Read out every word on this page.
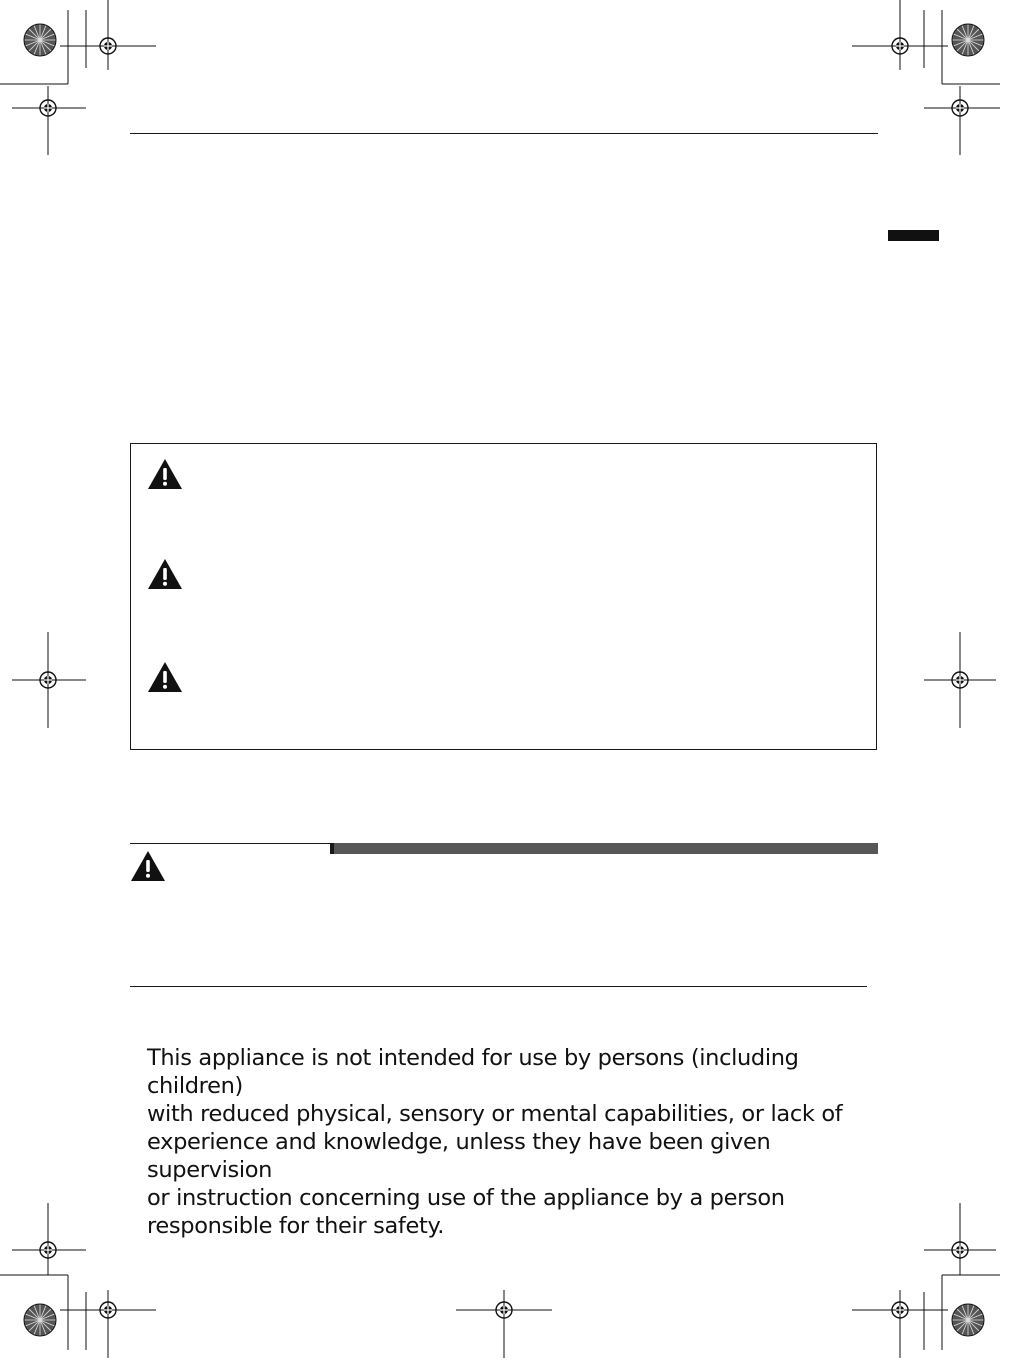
This appliance is not intended for use by persons (including children)
with reduced physical, sensory or mental capabilities, or lack of
experience and knowledge, unless they have been given supervision
or instruction concerning use of the appliance by a person
responsible for their safety.
